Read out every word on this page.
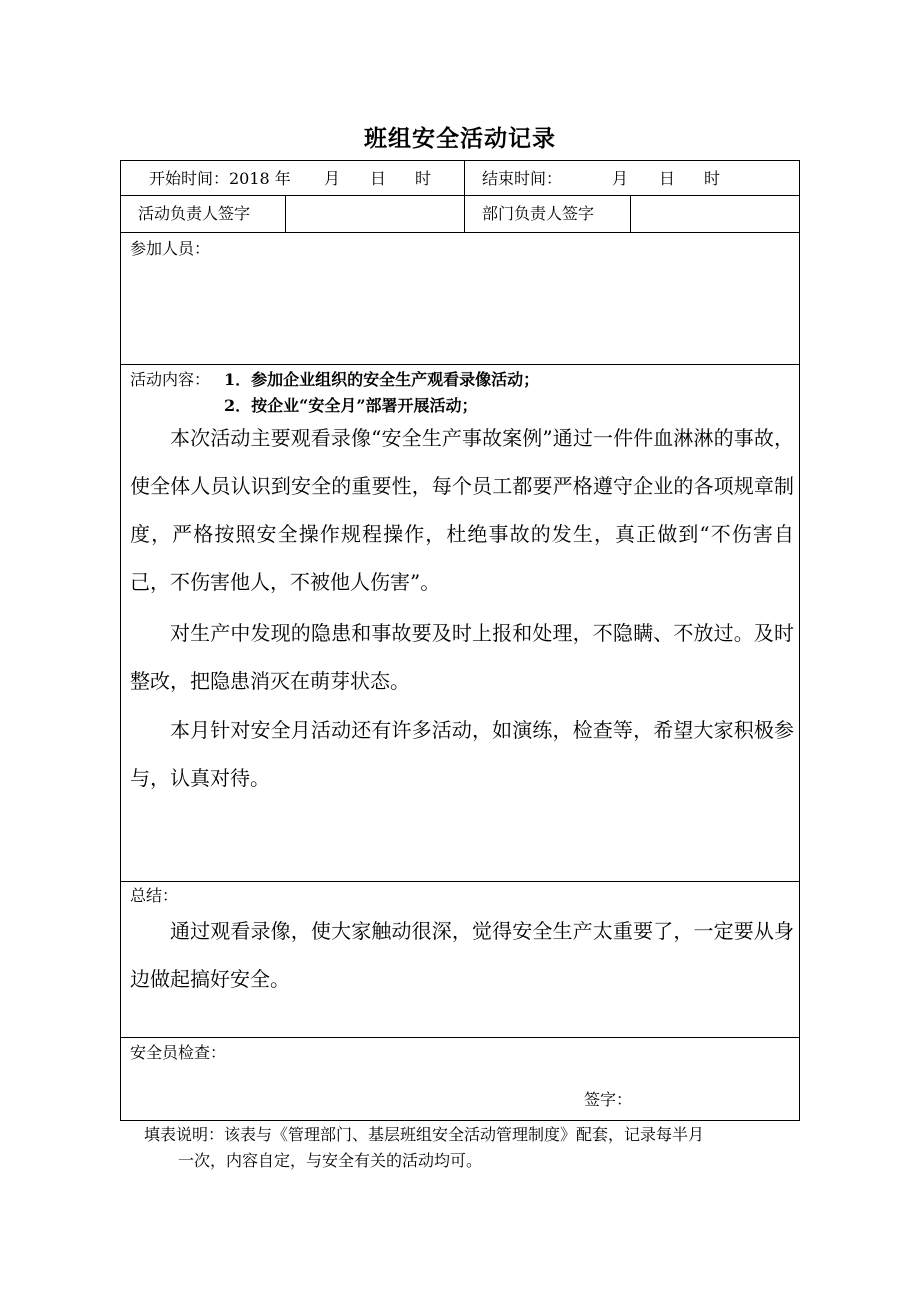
班组安全活动记录
开始时间：2018 年 月 日 时	结束时间：	月 日 时
活动负责人签字	部门负责人签字
参加人员：
活动内容： 1．参加企业组织的安全生产观看录像活动；
2．按企业“安全月”部署开展活动；
本次活动主要观看录像“安全生产事故案例”通过一件件血淋淋的事故，使全体人员认识到安全的重要性，每个员工都要严格遵守企业的各项规章制度，严格按照安全操作规程操作，杜绝事故的发生，真正做到“不伤害自己，不伤害他人，不被他人伤害”。
对生产中发现的隐患和事故要及时上报和处理，不隐瞒、不放过。及时整改，把隐患消灭在萌芽状态。
本月针对安全月活动还有许多活动，如演练，检查等，希望大家积极参与，认真对待。
总结：
通过观看录像，使大家触动很深，觉得安全生产太重要了，一定要从身边做起搞好安全。
安全员检查：
签字：
填表说明：该表与《管理部门、基层班组安全活动管理制度》配套，记录每半月
一次，内容自定，与安全有关的活动均可。
